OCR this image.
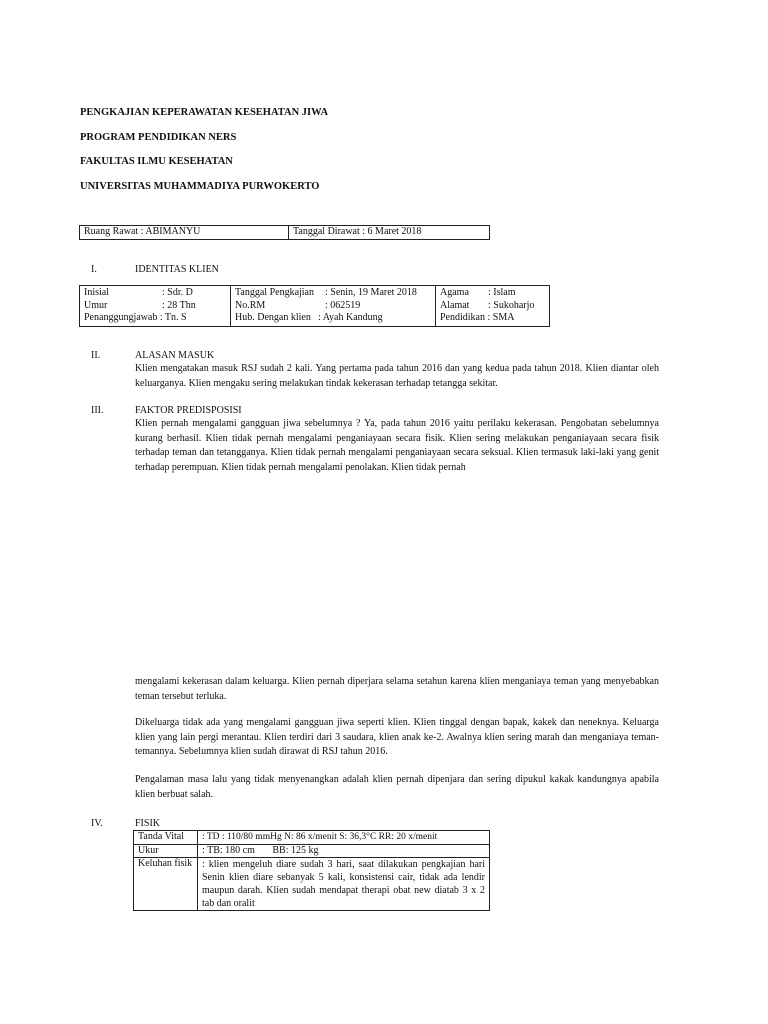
PENGKAJIAN KEPERAWATAN KESEHATAN JIWA
PROGRAM PENDIDIKAN NERS
FAKULTAS ILMU KESEHATAN
UNIVERSITAS MUHAMMADIYA PURWOKERTO
Ruang Rawat : ABIMANYU	Tanggal Dirawat : 6 Maret 2018
I.	IDENTITAS KLIEN
Inisial	: Sdr. D
Umur	: 28 Thn
Penanggungjawab : Tn. S

Tanggal Pengkajian : Senin, 19 Maret 2018
No.RM	: 062519
Hub. Dengan klien : Ayah Kandung

Agama : Islam
Alamat : Sukoharjo
Pendidikan : SMA
II.	ALASAN MASUK

Klien mengatakan masuk RSJ sudah 2 kali. Yang pertama pada tahun 2016 dan yang kedua pada tahun 2018. Klien diantar oleh keluarganya. Klien mengaku sering melakukan tindak kekerasan terhadap tetangga sekitar.

III.	FAKTOR PREDISPOSISI

Klien pernah mengalami gangguan jiwa sebelumnya ? Ya, pada tahun 2016 yaitu perilaku kekerasan. Pengobatan sebelumnya kurang berhasil. Klien tidak pernah mengalami penganiayaan secara fisik. Klien sering melakukan penganiayaan secara fisik terhadap teman dan tetangganya. Klien tidak pernah mengalami penganiayaan secara seksual. Klien termasuk laki-laki yang genit terhadap perempuan. Klien tidak pernah mengalami penolakan. Klien tidak pernah

mengalami kekerasan dalam keluarga. Klien pernah diperjara selama setahun karena klien menganiaya teman yang menyebabkan teman tersebut terluka.

Dikeluarga tidak ada yang mengalami gangguan jiwa seperti klien. Klien tinggal dengan bapak, kakek dan neneknya. Keluarga klien yang lain pergi merantau. Klien terdiri dari 3 saudara, klien anak ke-2. Awalnya klien sering marah dan menganiaya teman-temannya. Sebelumnya klien sudah dirawat di RSJ tahun 2016.

Pengalaman masa lalu yang tidak menyenangkan adalah klien pernah dipenjara dan sering dipukul kakak kandungnya apabila klien berbuat salah.

IV.	FISIK
Tanda Vital	: TD : 110/80 mmHg N: 86 x/menit S: 36,3°C RR: 20 x/menit
Ukur	: TB: 180 cm       BB: 125 kg
Keluhan fisik	: klien mengeluh diare sudah 3 hari, saat dilakukan pengkajian hari Senin klien diare sebanyak 5 kali, konsistensi cair, tidak ada lendir maupun darah. Klien sudah mendapat therapi obat new diatab 3 x 2 tab dan oralit
